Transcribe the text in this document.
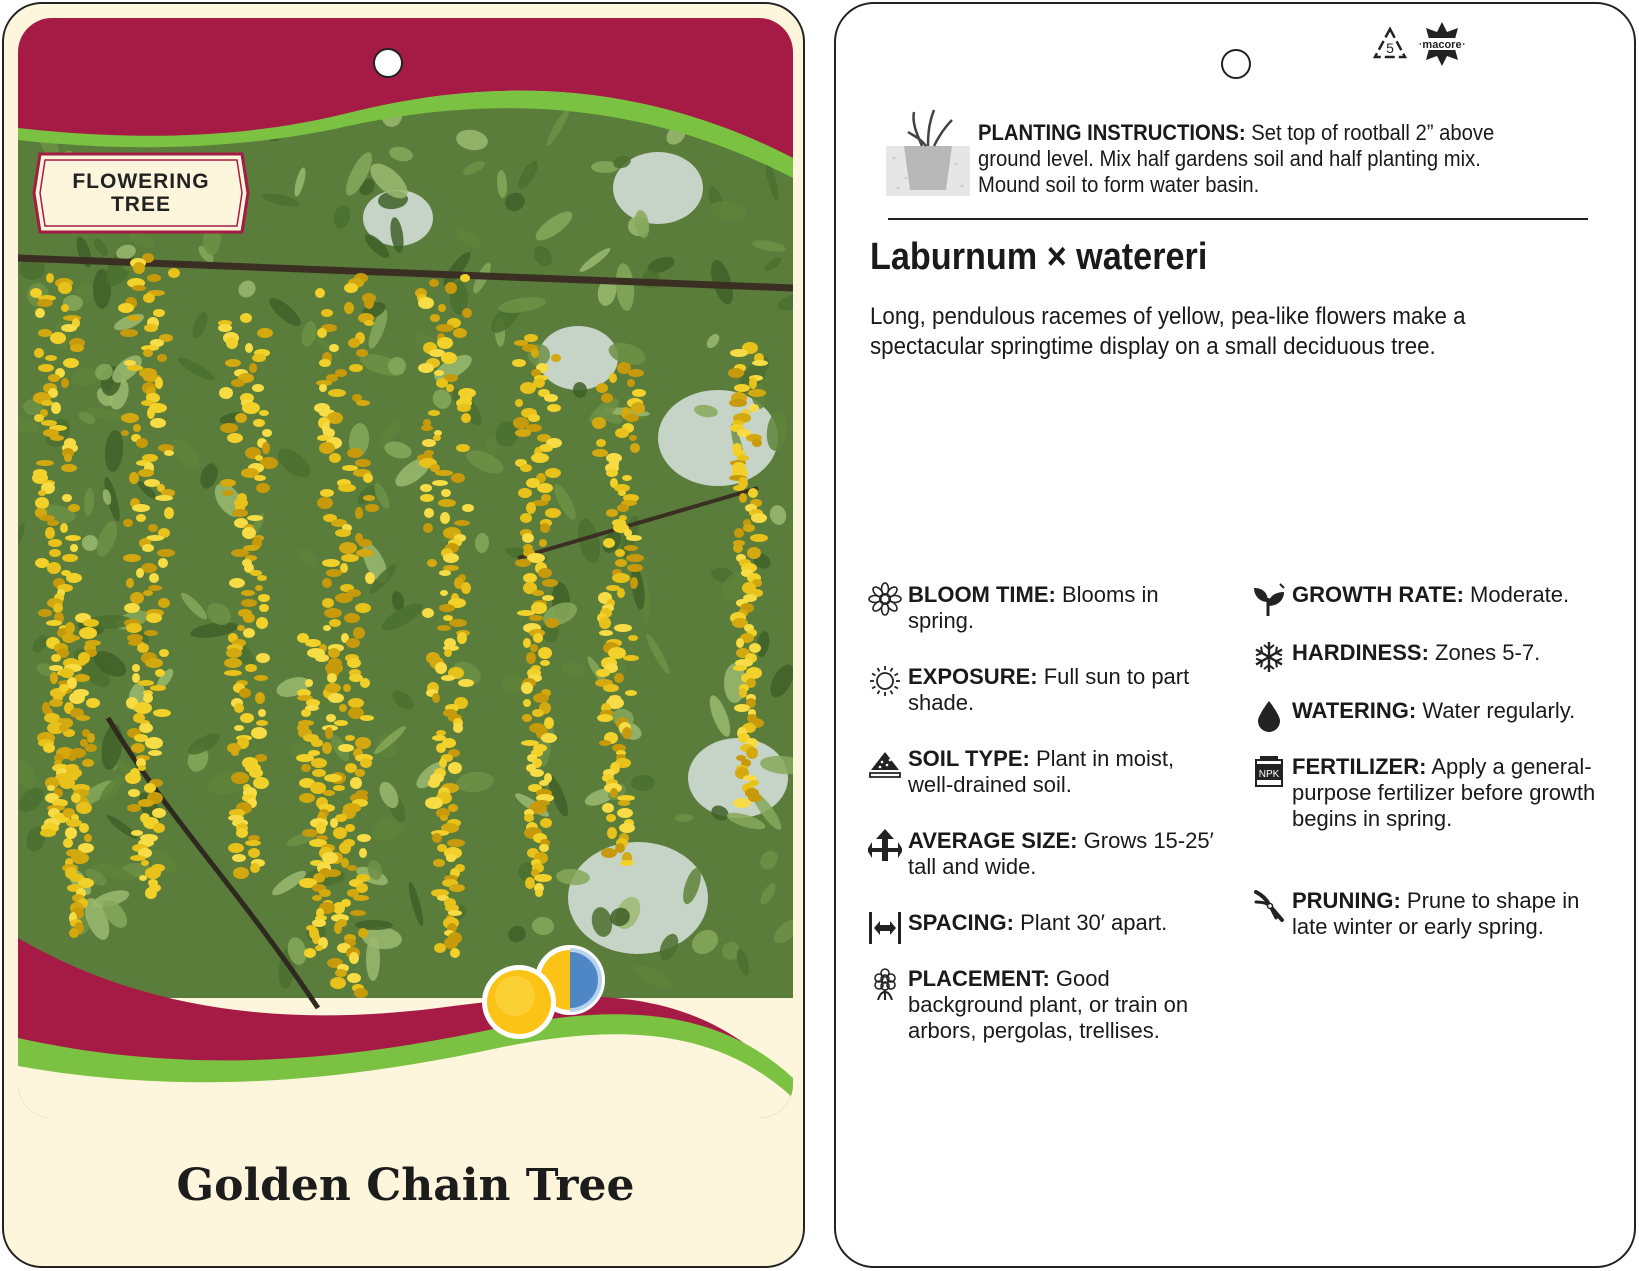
FLOWERING
TREE
Golden Chain Tree
5	macore
PLANTING INSTRUCTIONS: Set top of rootball 2” above ground level. Mix half gardens soil and half planting mix. Mound soil to form water basin.
Laburnum × watereri
Long, pendulous racemes of yellow, pea-like flowers make a spectacular springtime display on a small deciduous tree.
BLOOM TIME: Blooms in spring.
EXPOSURE: Full sun to part shade.
SOIL TYPE: Plant in moist, well-drained soil.
AVERAGE SIZE: Grows 15-25′ tall and wide.
SPACING: Plant 30′ apart.
PLACEMENT: Good background plant, or train on arbors, pergolas, trellises.
GROWTH RATE: Moderate.
HARDINESS: Zones 5-7.
WATERING: Water regularly.
NPK FERTILIZER: Apply a general-purpose fertilizer before growth begins in spring.
PRUNING: Prune to shape in late winter or early spring.
